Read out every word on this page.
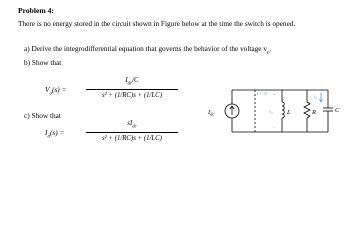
Problem 4:
There is no energy stored in the circuit shown in Figure below at the time the switch is opened.
a) Derive the integrodifferential equation that governs the behavior of the voltage $v_o$.
b) Show that
$V_o(s)$ =
$I_{dc}/C$
s² + (1/RC)s + (1/LC)
c) Show that
$I_o(s)$ =
$sI_{dc}$
s² + (1/RC)s + (1/LC)
$I_{dc}$
t = 0 +
$v_o$
−
L	R
$i_o$
C
